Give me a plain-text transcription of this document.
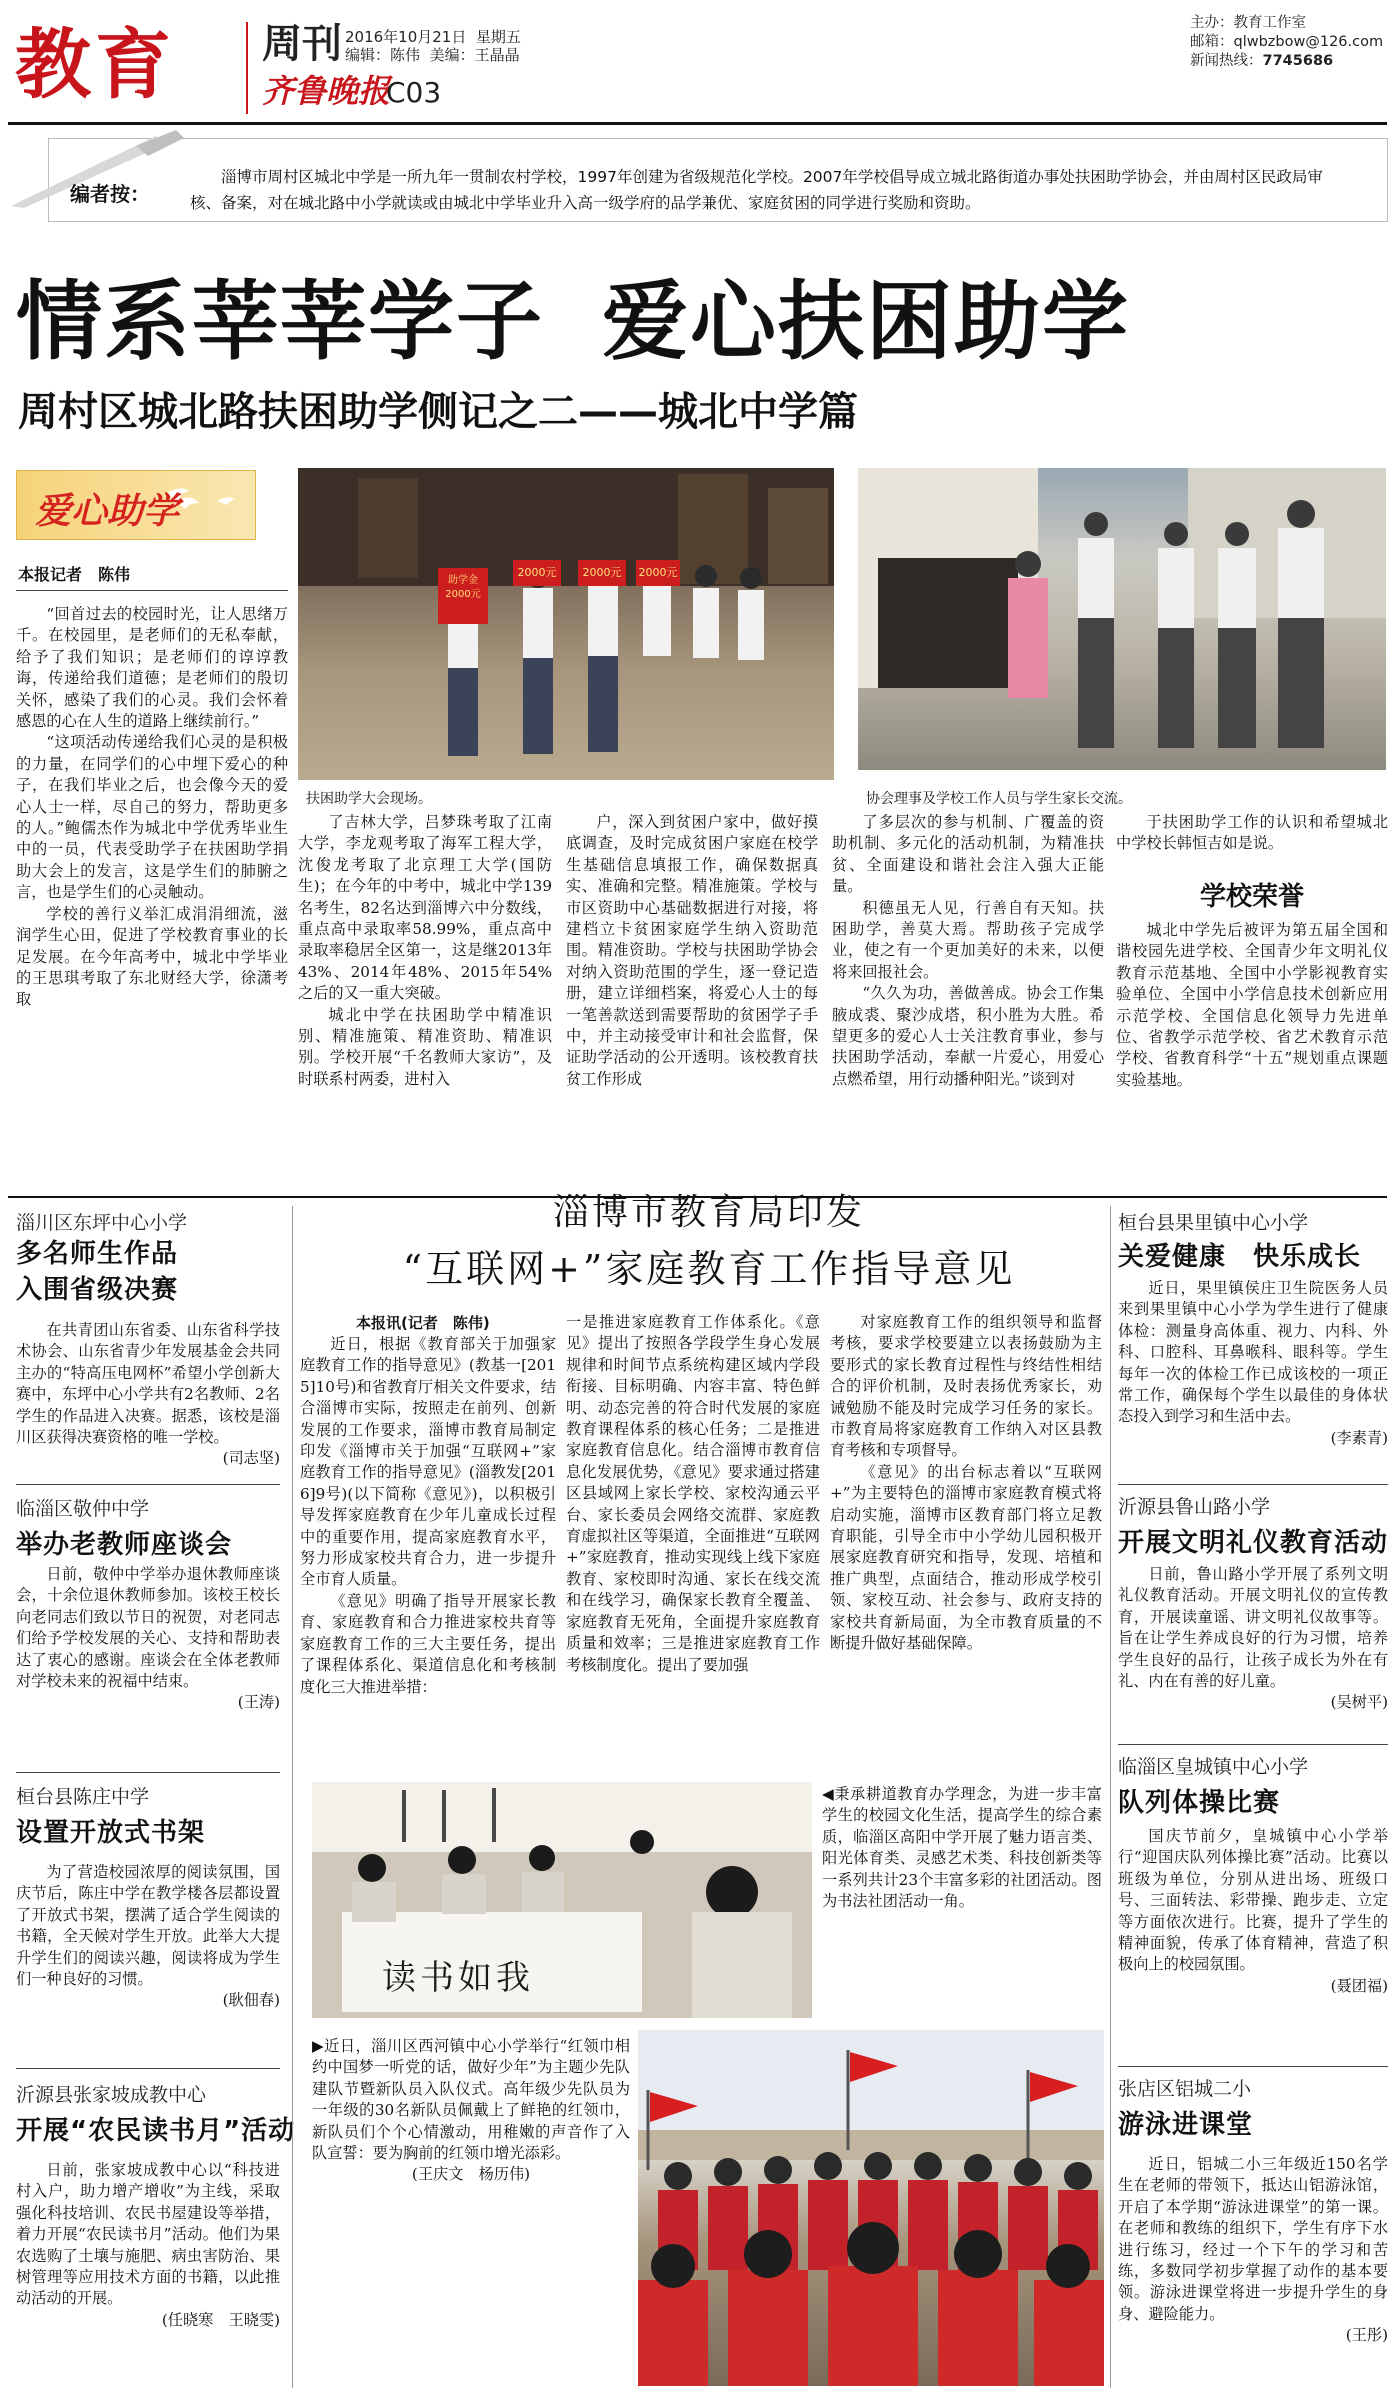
教育 周刊 2016年10月21日 星期五
编辑：陈伟 美编：王晶晶
齐鲁晚报
C03
主办：教育工作室
邮箱：qlwbzbow@126.com
新闻热线：7745686
编者按：
淄博市周村区城北中学是一所九年一贯制农村学校，1997年创建为省级规范化学校。2007年学校倡导成立城北路街道办事处扶困助学协会，并由周村区民政局审核、备案，对在城北路中小学就读或由城北中学毕业升入高一级学府的品学兼优、家庭贫困的同学进行奖励和资助。
情系莘莘学子 爱心扶困助学
周村区城北路扶困助学侧记之二——城北中学篇
爱心助学
本报记者　陈伟	助学金 2000元
2000元	2000元	2000元
扶困助学大会现场。	协会理事及学校工作人员与学生家长交流。

“回首过去的校园时光，让人思绪万千。在校园里，是老师们的无私奉献，给予了我们知识；是老师们的谆谆教诲，传递给我们道德；是老师们的殷切关怀，感染了我们的心灵。我们会怀着感恩的心在人生的道路上继续前行。”

“这项活动传递给我们心灵的是积极的力量，在同学们的心中埋下爱心的种子，在我们毕业之后，也会像今天的爱心人士一样，尽自己的努力，帮助更多的人。”鲍儒杰作为城北中学优秀毕业生中的一员，代表受助学子在扶困助学捐助大会上的发言，这是学生们的肺腑之言，也是学生们的心灵触动。

学校的善行义举汇成涓涓细流，滋润学生心田，促进了学校教育事业的长足发展。在今年高考中，城北中学毕业的王思琪考取了东北财经大学，徐潇考取

了吉林大学，吕梦珠考取了江南大学，李龙观考取了海军工程大学，沈俊龙考取了北京理工大学(国防生)；在今年的中考中，城北中学139名考生，82名达到淄博六中分数线，重点高中录取率58.99%，重点高中录取率稳居全区第一，这是继2013年43%、2014年48%、2015年54%之后的又一重大突破。

城北中学在扶困助学中精准识别、精准施策、精准资助、精准识别。学校开展“千名教师大家访”，及时联系村两委，进村入

户，深入到贫困户家中，做好摸底调查，及时完成贫困户家庭在校学生基础信息填报工作，确保数据真实、准确和完整。精准施策。学校与市区资助中心基础数据进行对接，将建档立卡贫困家庭学生纳入资助范围。精准资助。学校与扶困助学协会对纳入资助范围的学生，逐一登记造册，建立详细档案，将爱心人士的每一笔善款送到需要帮助的贫困学子手中，并主动接受审计和社会监督，保证助学活动的公开透明。该校教育扶贫工作形成

了多层次的参与机制、广覆盖的资助机制、多元化的活动机制，为精准扶贫、全面建设和谐社会注入强大正能量。

积德虽无人见，行善自有天知。扶困助学，善莫大焉。帮助孩子完成学业，使之有一个更加美好的未来，以便将来回报社会。

“久久为功，善做善成。协会工作集腋成裘、聚沙成塔，积小胜为大胜。希望更多的爱心人士关注教育事业，参与扶困助学活动，奉献一片爱心，用爱心点燃希望，用行动播种阳光。”谈到对

于扶困助学工作的认识和希望城北中学校长韩恒吉如是说。

学校荣誉

城北中学先后被评为第五届全国和谐校园先进学校、全国青少年文明礼仪教育示范基地、全国中小学影视教育实验单位、全国中小学信息技术创新应用示范学校、全国信息化领导力先进单位、省教学示范学校、省艺术教育示范学校、省教育科学“十五”规划重点课题实验基地。

淄川区东坪中心小学
多名师生作品
入围省级决赛

在共青团山东省委、山东省科学技术协会、山东省青少年发展基金会共同主办的“特高压电网杯”希望小学创新大赛中，东坪中心小学共有2名教师、2名学生的作品进入决赛。据悉，该校是淄川区获得决赛资格的唯一学校。

(司志坚)
临淄区敬仲中学
举办老教师座谈会

日前，敬仲中学举办退休教师座谈会，十余位退休教师参加。该校王校长向老同志们致以节日的祝贺，对老同志们给予学校发展的关心、支持和帮助表达了衷心的感谢。座谈会在全体老教师对学校未来的祝福中结束。

(王涛)
桓台县陈庄中学
设置开放式书架

为了营造校园浓厚的阅读氛围，国庆节后，陈庄中学在教学楼各层都设置了开放式书架，摆满了适合学生阅读的书籍，全天候对学生开放。此举大大提升学生们的阅读兴趣，阅读将成为学生们一种良好的习惯。

(耿佃春)
沂源县张家坡成教中心
开展“农民读书月”活动

日前，张家坡成教中心以“科技进村入户，助力增产增收”为主线，采取强化科技培训、农民书屋建设等举措，着力开展“农民读书月”活动。他们为果农选购了土壤与施肥、病虫害防治、果树管理等应用技术方面的书籍，以此推动活动的开展。

(任晓寒　王晓雯)
淄博市教育局印发
“互联网+”家庭教育工作指导意见
本报讯(记者　陈伟)

近日，根据《教育部关于加强家庭教育工作的指导意见》(教基一[2015]10号)和省教育厅相关文件要求，结合淄博市实际，按照走在前列、创新发展的工作要求，淄博市教育局制定印发《淄博市关于加强“互联网+”家庭教育工作的指导意见》(淄教发[2016]9号)(以下简称《意见》)，以积极引导发挥家庭教育在少年儿童成长过程中的重要作用，提高家庭教育水平，努力形成家校共育合力，进一步提升全市育人质量。

《意见》明确了指导开展家长教育、家庭教育和合力推进家校共育等家庭教育工作的三大主要任务，提出了课程体系化、渠道信息化和考核制度化三大推进举措：

一是推进家庭教育工作体系化。《意见》提出了按照各学段学生身心发展规律和时间节点系统构建区域内学段衔接、目标明确、内容丰富、特色鲜明、动态完善的符合时代发展的家庭教育课程体系的核心任务；二是推进家庭教育信息化。结合淄博市教育信息化发展优势，《意见》要求通过搭建区县域网上家长学校、家校沟通云平台、家长委员会网络交流群、家庭教育虚拟社区等渠道，全面推进“互联网+”家庭教育，推动实现线上线下家庭教育、家校即时沟通、家长在线交流和在线学习，确保家长教育全覆盖、家庭教育无死角，全面提升家庭教育质量和效率；三是推进家庭教育工作考核制度化。提出了要加强

对家庭教育工作的组织领导和监督考核，要求学校要建立以表扬鼓励为主要形式的家长教育过程性与终结性相结合的评价机制，及时表扬优秀家长，劝诫勉励不能及时完成学习任务的家长。市教育局将家庭教育工作纳入对区县教育考核和专项督导。

《意见》的出台标志着以“互联网+”为主要特色的淄博市家庭教育模式将启动实施，淄博市区教育部门将立足教育职能，引导全市中小学幼儿园积极开展家庭教育研究和指导，发现、培植和推广典型，点面结合，推动形成学校引领、家校互动、社会参与、政府支持的家校共育新局面，为全市教育质量的不断提升做好基础保障。

读书如我

◀秉承耕道教育办学理念，为进一步丰富学生的校园文化生活，提高学生的综合素质，临淄区高阳中学开展了魅力语言类、阳光体育类、灵感艺术类、科技创新类等一系列共计23个丰富多彩的社团活动。图为书法社团活动一角。

▶近日，淄川区西河镇中心小学举行“红领巾相约中国梦一听党的话，做好少年”为主题少先队建队节暨新队员入队仪式。高年级少先队员为一年级的30名新队员佩戴上了鲜艳的红领巾，新队员们个个心情激动，用稚嫩的声音作了入队宣誓：要为胸前的红领巾增光添彩。

(王庆文　杨历伟)
桓台县果里镇中心小学
关爱健康　快乐成长

近日，果里镇侯庄卫生院医务人员来到果里镇中心小学为学生进行了健康体检：测量身高体重、视力、内科、外科、口腔科、耳鼻喉科、眼科等。学生每年一次的体检工作已成该校的一项正常工作，确保每个学生以最佳的身体状态投入到学习和生活中去。

(李素青)
沂源县鲁山路小学
开展文明礼仪教育活动

日前，鲁山路小学开展了系列文明礼仪教育活动。开展文明礼仪的宣传教育，开展读童谣、讲文明礼仪故事等。旨在让学生养成良好的行为习惯，培养学生良好的品行，让孩子成长为外在有礼、内在有善的好儿童。

(吴树平)
临淄区皇城镇中心小学
队列体操比赛

国庆节前夕，皇城镇中心小学举行“迎国庆队列体操比赛”活动。比赛以班级为单位，分别从进出场、班级口号、三面转法、彩带操、跑步走、立定等方面依次进行。比赛，提升了学生的精神面貌，传承了体育精神，营造了积极向上的校园氛围。

(聂团福)
张店区铝城二小
游泳进课堂

近日，铝城二小三年级近150名学生在老师的带领下，抵达山铝游泳馆，开启了本学期“游泳进课堂”的第一课。在老师和教练的组织下，学生有序下水进行练习，经过一个下午的学习和苦练，多数同学初步掌握了动作的基本要领。游泳进课堂将进一步提升学生的身身、避险能力。

(王彤)
